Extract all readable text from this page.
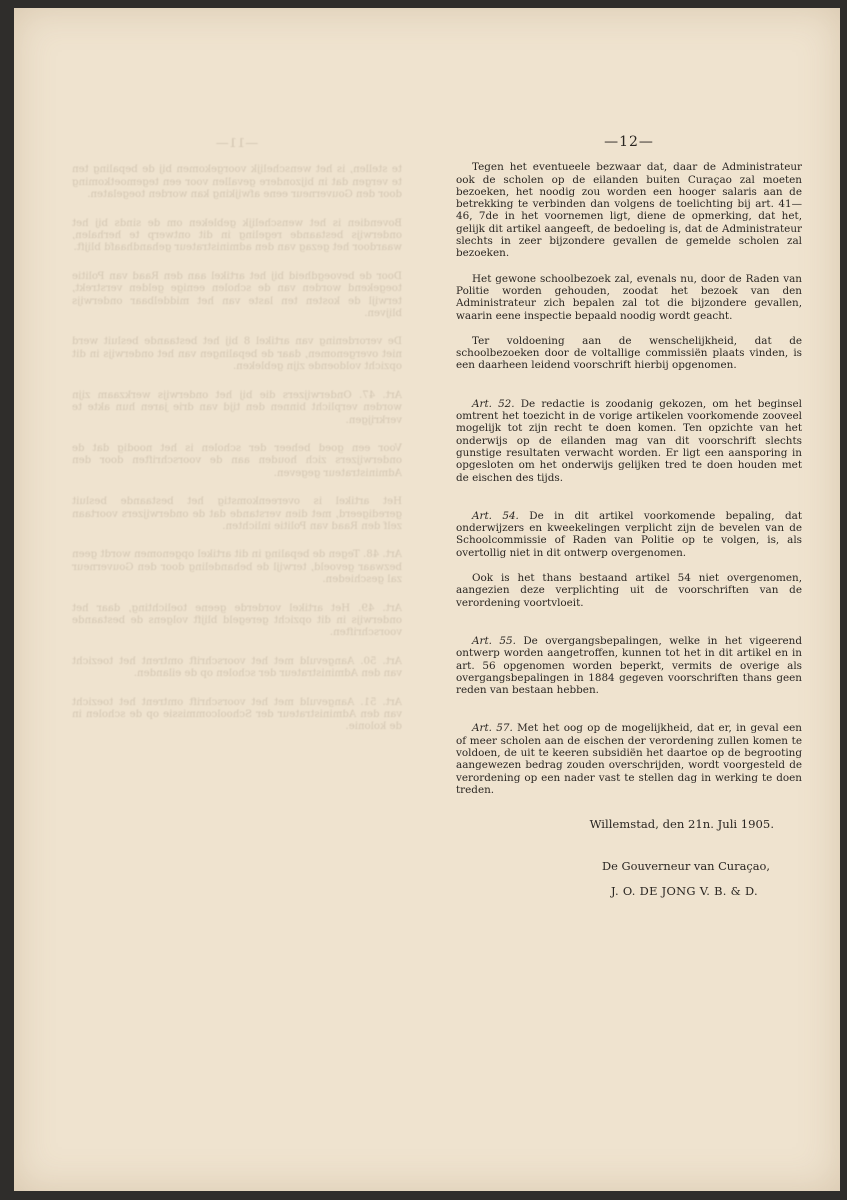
—11—

te stellen, is het wenschelijk voorgekomen bij de bepaling ten te vergen dat in bijzondere gevallen voor een tegemoetkoming door den Gouverneur eene afwijking kan worden toegelaten.

Bovendien is het wenschelijk gebleken om de sinds bij het onderwijs bestaande regeling in dit ontwerp te herhalen, waardoor het gezag van den administrateur gehandhaafd blijft.

Door de bevoegdheid bij het artikel aan den Raad van Politie toegekend worden van de scholen eenige gelden verstrekt, terwijl de kosten ten laste van het middelbaar onderwijs blijven.

De verordening van artikel 8 bij het bestaande besluit werd niet overgenomen, daar de bepalingen van het onderwijs in dit opzicht voldoende zijn gebleken.

Art. 47. Onderwijzers die bij het onderwijs werkzaam zijn worden verplicht binnen den tijd van drie jaren hun akte te verkrijgen.

Voor een goed beheer der scholen is het noodig dat de onderwijzers zich houden aan de voorschriften door den Administrateur gegeven.

Het artikel is overeenkomstig het bestaande besluit geredigeerd, met dien verstande dat de onderwijzers voortaan zelf den Raad van Politie inlichten.

Art. 48. Tegen de bepaling in dit artikel opgenomen wordt geen bezwaar gevoeld, terwijl de behandeling door den Gouverneur zal geschieden.

Art. 49. Het artikel vorderde geene toelichting, daar het onderwijs in dit opzicht geregeld blijft volgens de bestaande voorschriften.

Art. 50. Aangevuld met het voorschrift omtrent het toezicht van den Administrateur der scholen op de eilanden.

Art. 51. Aangevuld met het voorschrift omtrent het toezicht van den Administrateur der Schoolcommissie op de scholen in de kolonie.

—12—

Tegen het eventueele bezwaar dat, daar de Administrateur ook de scholen op de eilanden buiten Curaçao zal moeten bezoeken, het noodig zou worden een hooger salaris aan de betrekking te verbinden dan volgens de toelichting bij art. 41—46, 7de in het voornemen ligt, diene de opmerking, dat het, gelijk dit artikel aangeeft, de bedoeling is, dat de Administrateur slechts in zeer bijzondere gevallen de gemelde scholen zal bezoeken.

Het gewone schoolbezoek zal, evenals nu, door de Raden van Politie worden gehouden, zoodat het bezoek van den Administrateur zich bepalen zal tot die bijzondere gevallen, waarin eene inspectie bepaald noodig wordt geacht.

Ter voldoening aan de wenschelijkheid, dat de schoolbezoeken door de voltallige commissiën plaats vinden, is een daarheen leidend voorschrift hierbij opgenomen.

Art. 52. De redactie is zoodanig gekozen, om het beginsel omtrent het toezicht in de vorige artikelen voorkomende zooveel mogelijk tot zijn recht te doen komen. Ten opzichte van het onderwijs op de eilanden mag van dit voorschrift slechts gunstige resultaten verwacht worden. Er ligt een aansporing in opgesloten om het onderwijs gelijken tred te doen houden met de eischen des tijds.

Art. 54. De in dit artikel voorkomende bepaling, dat onderwijzers en kweekelingen verplicht zijn de bevelen van de Schoolcommissie of Raden van Politie op te volgen, is, als overtollig niet in dit ontwerp overgenomen.

Ook is het thans bestaand artikel 54 niet overgenomen, aangezien deze verplichting uit de voorschriften van de verordening voortvloeit.

Art. 55. De overgangsbepalingen, welke in het vigeerend ontwerp worden aangetroffen, kunnen tot het in dit artikel en in art. 56 opgenomen worden beperkt, vermits de overige als overgangsbepalingen in 1884 gegeven voorschriften thans geen reden van bestaan hebben.

Art. 57. Met het oog op de mogelijkheid, dat er, in geval een of meer scholen aan de eischen der verordening zullen komen te voldoen, de uit te keeren subsidiën het daartoe op de begrooting aangewezen bedrag zouden overschrijden, wordt voorgesteld de verordening op een nader vast te stellen dag in werking te doen treden.

Willemstad, den 21n. Juli 1905.
De Gouverneur van Curaçao,
J. O. DE JONG V. B. & D.
